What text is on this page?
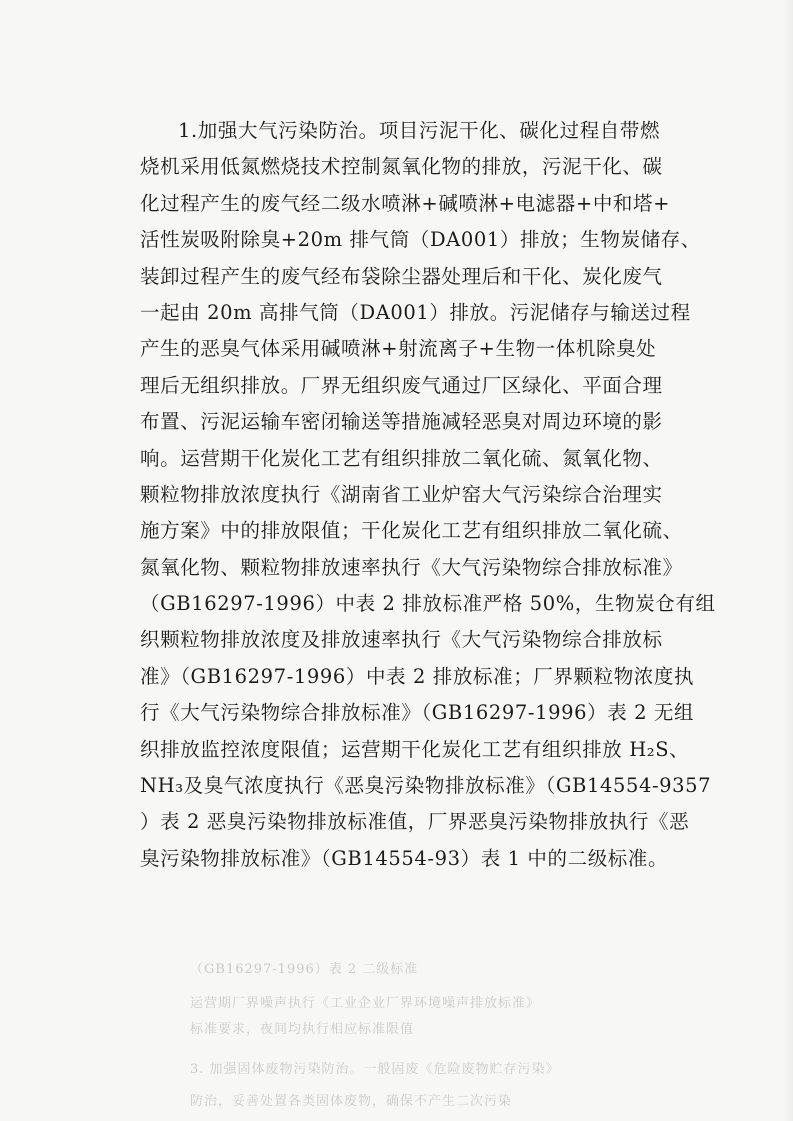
1.加强大气污染防治。项目污泥干化、碳化过程自带燃
烧机采用低氮燃烧技术控制氮氧化物的排放，污泥干化、碳
化过程产生的废气经二级水喷淋+碱喷淋+电滤器+中和塔+
活性炭吸附除臭+20m 排气筒（DA001）排放；生物炭储存、
装卸过程产生的废气经布袋除尘器处理后和干化、炭化废气
一起由 20m 高排气筒（DA001）排放。污泥储存与输送过程
产生的恶臭气体采用碱喷淋+射流离子+生物一体机除臭处
理后无组织排放。厂界无组织废气通过厂区绿化、平面合理
布置、污泥运输车密闭输送等措施减轻恶臭对周边环境的影
响。运营期干化炭化工艺有组织排放二氧化硫、氮氧化物、
颗粒物排放浓度执行《湖南省工业炉窑大气污染综合治理实
施方案》中的排放限值；干化炭化工艺有组织排放二氧化硫、
氮氧化物、颗粒物排放速率执行《大气污染物综合排放标准》
（GB16297-1996）中表 2 排放标准严格 50%，生物炭仓有组
织颗粒物排放浓度及排放速率执行《大气污染物综合排放标
准》（GB16297-1996）中表 2 排放标准；厂界颗粒物浓度执
行《大气污染物综合排放标准》（GB16297-1996）表 2 无组
织排放监控浓度限值；运营期干化炭化工艺有组织排放 H₂S、
NH₃及臭气浓度执行《恶臭污染物排放标准》（GB14554-9357
）表 2 恶臭污染物排放标准值，厂界恶臭污染物排放执行《恶
臭污染物排放标准》（GB14554-93）表 1 中的二级标准。
（GB16297-1996）表 2 二级标准
运营期厂界噪声执行《工业企业厂界环境噪声排放标准》
标准要求，夜间均执行相应标准限值
3. 加强固体废物污染防治。一般固废《危险废物贮存污染》
防治，妥善处置各类固体废物，确保不产生二次污染
